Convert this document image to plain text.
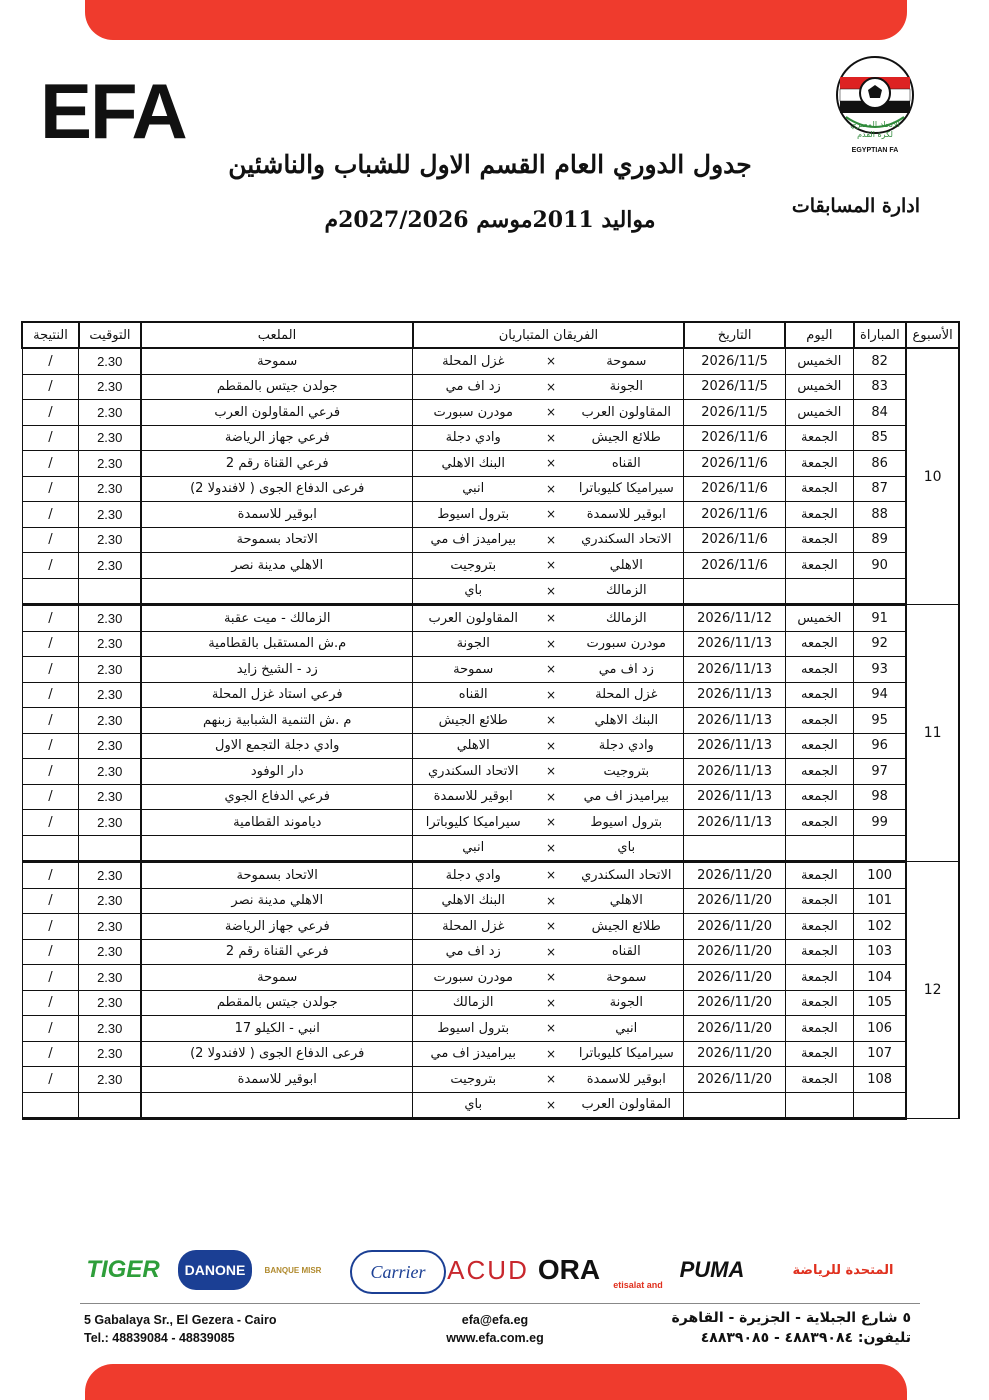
EFA	الاتحاد المصري
لكرة القدم
EGYPTIAN FA
جدول الدوري العام القسم الاول للشباب والناشئين
ادارة المسابقات
مواليد 2011موسم 2027/2026م
الأسبوع	المباراة	اليوم	التاريخ	الفريقان المتباريان			الملعب	التوقيت	النتيجة
10	82	الخميس	2026/11/5	سموحة	×	غزل المحلة	سموحة	2.30	/
	83	الخميس	2026/11/5	الجونة	×	زد اف مي	جولدن جيتس بالمقطم	2.30	/
	84	الخميس	2026/11/5	المقاولون العرب	×	مودرن سبورت	فرعي المقاولون العرب	2.30	/
	85	الجمعة	2026/11/6	طلائع الجيش	×	وادي دجلة	فرعي جهاز الرياضة	2.30	/
	86	الجمعة	2026/11/6	القناه	×	البنك الاهلي	فرعي القناة رقم 2	2.30	/
	87	الجمعة	2026/11/6	سيراميكا كليوباترا	×	انبي	فرعى الدفاع الجوى ( لافندولا 2)	2.30	/
	88	الجمعة	2026/11/6	ابوقير للاسمدة	×	بترول اسيوط	ابوقير للاسمدة	2.30	/
	89	الجمعة	2026/11/6	الاتحاد السكندري	×	بيراميدز اف مي	الاتحاد بسموحة	2.30	/
	90	الجمعة	2026/11/6	الاهلي	×	بتروجيت	الاهلي مدينة نصر	2.30	/
				الزمالك	×	باي			
11	91	الخميس	2026/11/12	الزمالك	×	المقاولون العرب	الزمالك - ميت عقبة	2.30	/
	92	الجمعه	2026/11/13	مودرن سبورت	×	الجونة	م.ش المستقبل بالقطامية	2.30	/
	93	الجمعه	2026/11/13	زد اف مي	×	سموحة	زد - الشيخ زايد	2.30	/
	94	الجمعه	2026/11/13	غزل المحلة	×	القناه	فرعي استاد غزل المحلة	2.30	/
	95	الجمعه	2026/11/13	البنك الاهلي	×	طلائع الجيش	م .ش التنمية الشبابية زبنهم	2.30	/
	96	الجمعه	2026/11/13	وادي دجلة	×	الاهلي	وادي دجلة التجمع الاول	2.30	/
	97	الجمعه	2026/11/13	بتروجيت	×	الاتحاد السكندري	دار الوفود	2.30	/
	98	الجمعه	2026/11/13	بيراميدز اف مي	×	ابوقير للاسمدة	فرعي الدفاع الجوي	2.30	/
	99	الجمعه	2026/11/13	بترول اسيوط	×	سيراميكا كليوباترا	دياموند القطامية	2.30	/
				باي	×	انبي			
12	100	الجمعة	2026/11/20	الاتحاد السكندري	×	وادي دجلة	الاتحاد بسموحة	2.30	/
	101	الجمعة	2026/11/20	الاهلي	×	البنك الاهلي	الاهلي مدينة نصر	2.30	/
	102	الجمعة	2026/11/20	طلائع الجيش	×	غزل المحلة	فرعي جهاز الرياضة	2.30	/
	103	الجمعة	2026/11/20	القناه	×	زد اف مي	فرعي القناة رقم 2	2.30	/
	104	الجمعة	2026/11/20	سموحة	×	مودرن سبورت	سموحة	2.30	/
	105	الجمعة	2026/11/20	الجونة	×	الزمالك	جولدن جيتس بالمقطم	2.30	/
	106	الجمعة	2026/11/20	انبي	×	بترول اسيوط	انبي - الكيلو 17	2.30	/
	107	الجمعة	2026/11/20	سيراميكا كليوباترا	×	بيراميدز اف مي	فرعى الدفاع الجوى ( لافندولا 2)	2.30	/
	108	الجمعة	2026/11/20	ابوقير للاسمدة	×	بتروجيت	ابوقير للاسمدة	2.30	/
				المقاولون العرب	×	باي			
TIGER	DANONE	BANQUE MISR	Carrier ACUD ORA	etisalat and
PUMA	المتحدة للرياضة
5 Gabalaya Sr., El Gezera - Cairo
Tel.: 48839084 - 48839085
efa@efa.eg
www.efa.com.eg
٥ شارع الجبلاية - الجزيرة - القاهرة
تليفون: ٤٨٨٣٩٠٨٤ - ٤٨٨٣٩٠٨٥
